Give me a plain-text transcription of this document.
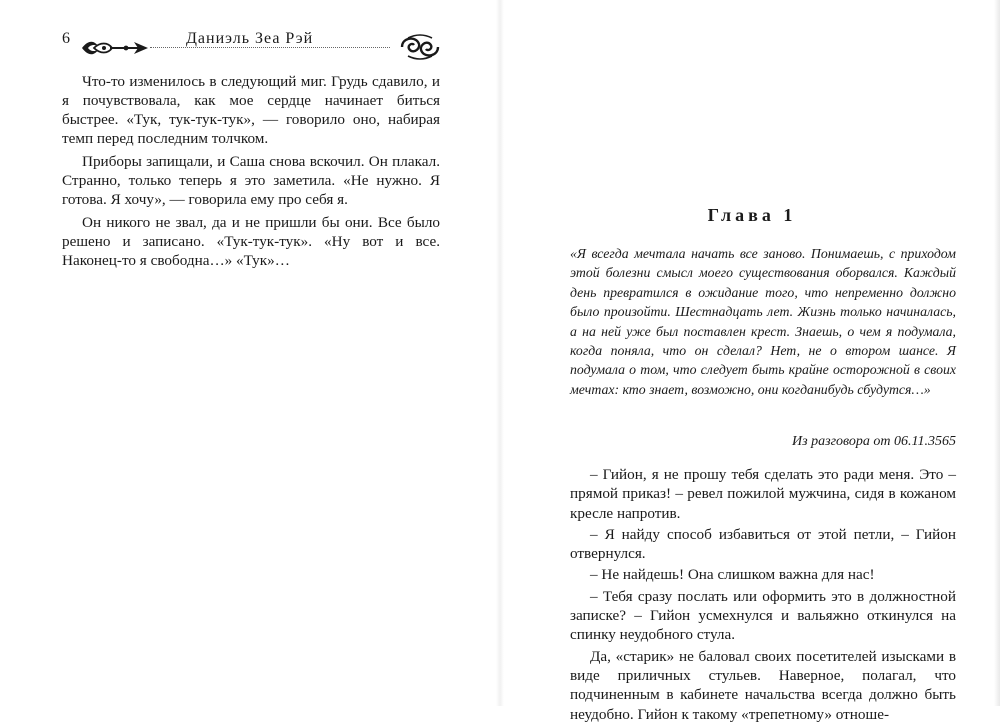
6	Даниэль Зеа Рэй

Что-то изменилось в следующий миг. Грудь сдавило, и я почувствовала, как мое сердце начинает биться быстрее. «Тук, тук-тук-тук», — говорило оно, набирая темп перед последним толчком.

Приборы запищали, и Саша снова вскочил. Он плакал. Странно, только теперь я это заметила. «Не нужно. Я готова. Я хочу», — говорила ему про себя я.

Он никого не звал, да и не пришли бы они. Все было решено и записано. «Тук-тук-тук». «Ну вот и все. Наконец-то я свободна…» «Тук»…

Глава 1
«Я всегда мечтала начать все заново. Понимаешь, с приходом этой болезни смысл моего существования оборвался. Каждый день превратился в ожидание того, что непременно должно было произойти. Шестнадцать лет. Жизнь только начиналась, а на ней уже был поставлен крест. Знаешь, о чем я подумала, когда поняла, что он сделал? Нет, не о втором шансе. Я подумала о том, что следует быть крайне осторожной в своих мечтах: кто знает, возможно, они когданибудь сбудутся…»
Из разговора от 06.11.3565

– Гийон, я не прошу тебя сделать это ради меня. Это – прямой приказ! – ревел пожилой мужчина, сидя в кожаном кресле напротив.

– Я найду способ избавиться от этой петли, – Гийон отвернулся.

– Не найдешь! Она слишком важна для нас!

– Тебя сразу послать или оформить это в должностной записке? – Гийон усмехнулся и вальяжно откинулся на спинку неудобного стула.

Да, «старик» не баловал своих посетителей изысками в виде приличных стульев. Наверное, полагал, что подчиненным в кабинете начальства всегда должно быть неудобно. Гийон к такому «трепетному» отноше-
